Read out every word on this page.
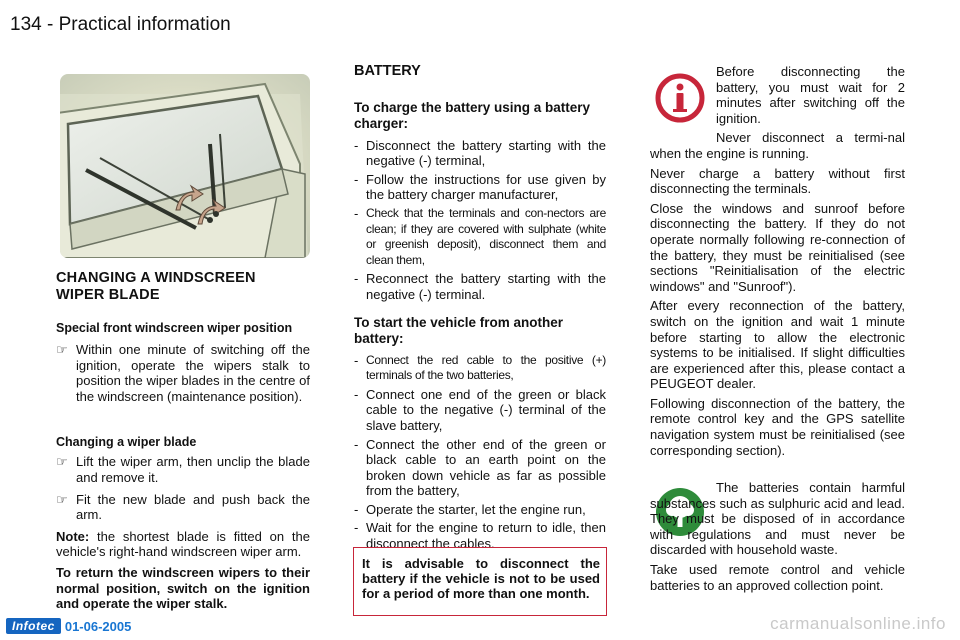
134 - Practical information
CHANGING A WINDSCREEN WIPER BLADE
Special front windscreen wiper position
☞ Within one minute of switching off the ignition, operate the wipers stalk to position the wiper blades in the centre of the windscreen (maintenance position).
Changing a wiper blade
☞ Lift the wiper arm, then unclip the blade and remove it.
☞ Fit the new blade and push back the arm.

Note: the shortest blade is fitted on the vehicle's right-hand windscreen wiper arm.

To return the windscreen wipers to their normal position, switch on the ignition and operate the wiper stalk.

BATTERY
To charge the battery using a battery charger:
- Disconnect the battery starting with the negative (-) terminal,
- Follow the instructions for use given by the battery charger manufacturer,
- Check that the terminals and con-nectors are clean; if they are covered with sulphate (white or greenish deposit), disconnect them and clean them,
- Reconnect the battery starting with the negative (-) terminal.
To start the vehicle from another battery:
- Connect the red cable to the positive (+) terminals of the two batteries,
- Connect one end of the green or black cable to the negative (-) terminal of the slave battery,
- Connect the other end of the green or black cable to an earth point on the broken down vehicle as far as possible from the battery,
- Operate the starter, let the engine run,
- Wait for the engine to return to idle, then disconnect the cables.
It is advisable to disconnect the battery if the vehicle is not to be used for a period of more than one month.

Before disconnecting the battery, you must wait for 2 minutes after switching off the ignition.

Never disconnect a termi-nal when the engine is running.

Never charge a battery without first disconnecting the terminals.

Close the windows and sunroof before disconnecting the battery. If they do not operate normally following re-connection of the battery, they must be reinitialised (see sections "Reinitialisation of the electric windows" and "Sunroof").

After every reconnection of the battery, switch on the ignition and wait 1 minute before starting to allow the electronic systems to be initialised. If slight difficulties are experienced after this, please contact a PEUGEOT dealer.

Following disconnection of the battery, the remote control key and the GPS satellite navigation system must be reinitialised (see corresponding section).

The batteries contain harmful substances such as sulphuric acid and lead. They must be disposed of in accordance with regulations and must never be discarded with household waste.

Take used remote control and vehicle batteries to an approved collection point.

Infotec 01-06-2005	carmanualsonline.info
